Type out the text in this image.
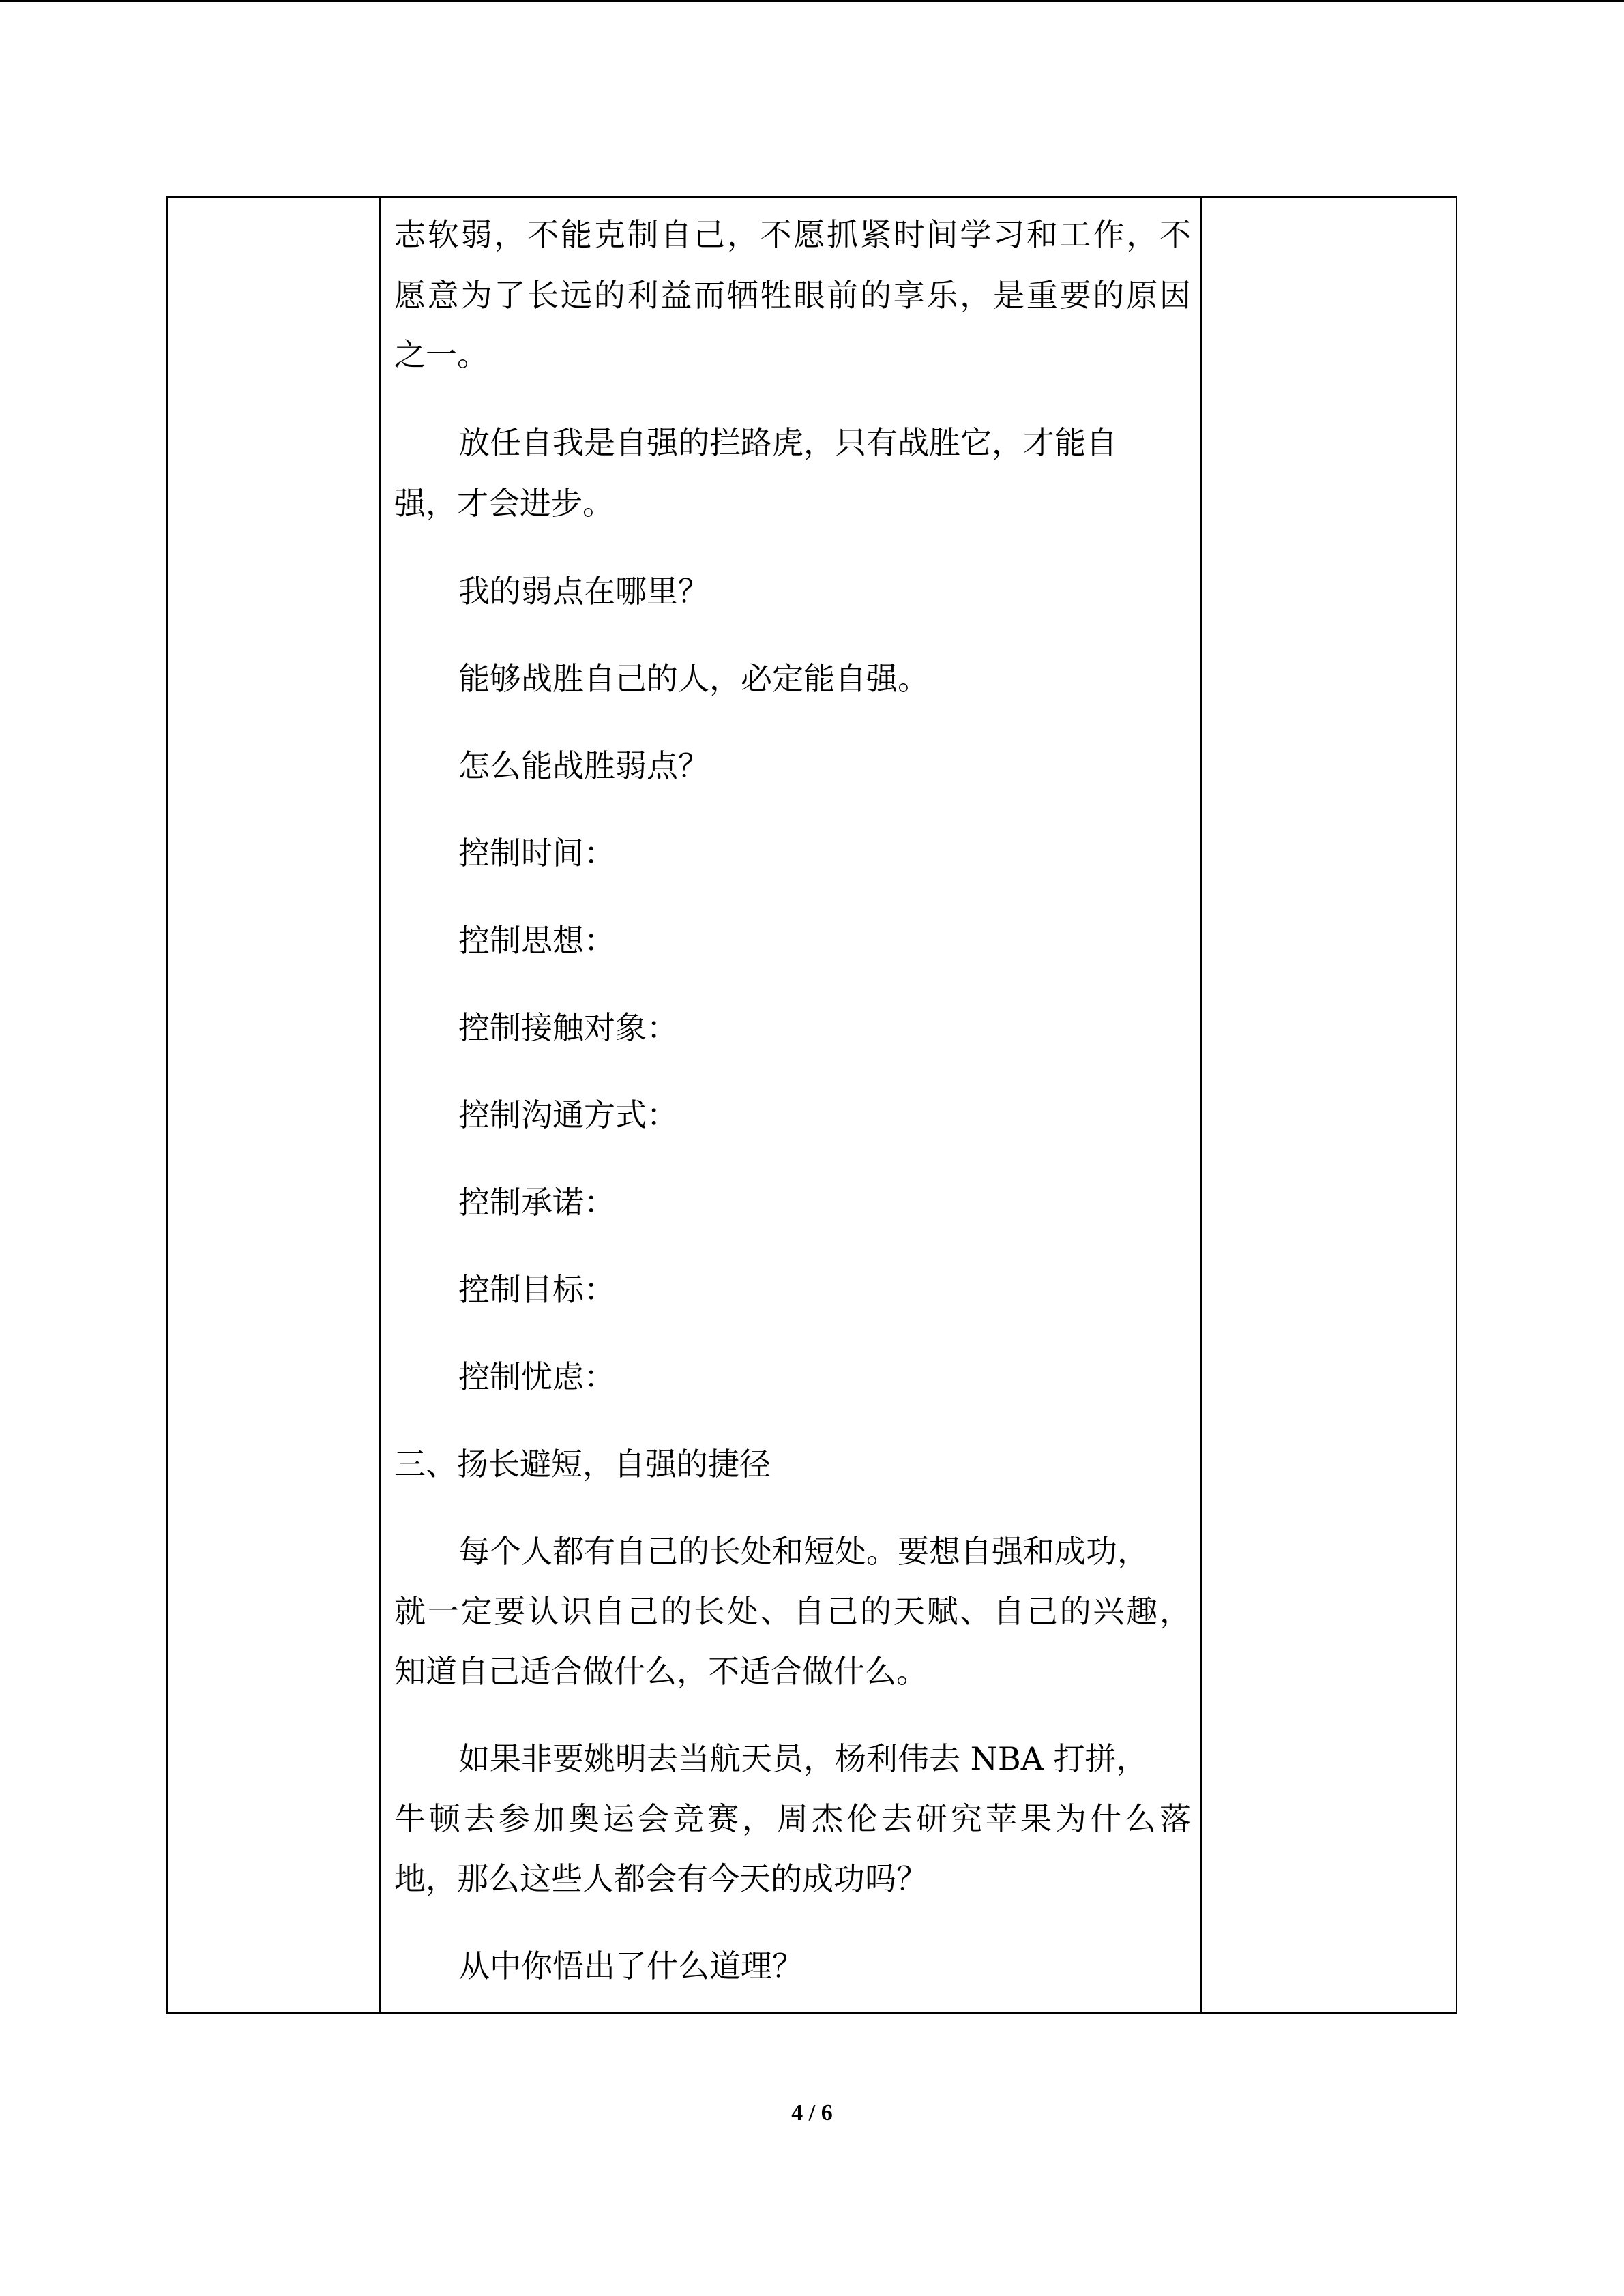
志软弱，不能克制自己，不愿抓紧时间学习和工作，不
愿意为了长远的利益而牺牲眼前的享乐，是重要的原因
之一。
放任自我是自强的拦路虎，只有战胜它，才能自
强，才会进步。
我的弱点在哪里？
能够战胜自己的人，必定能自强。
怎么能战胜弱点？
控制时间：
控制思想：
控制接触对象：
控制沟通方式：
控制承诺：
控制目标：
控制忧虑：
三、扬长避短，自强的捷径
每个人都有自己的长处和短处。要想自强和成功，
就一定要认识自己的长处、自己的天赋、自己的兴趣，
知道自己适合做什么，不适合做什么。
如果非要姚明去当航天员，杨利伟去 NBA 打拼，
牛顿去参加奥运会竞赛，周杰伦去研究苹果为什么落
地，那么这些人都会有今天的成功吗？
从中你悟出了什么道理？
4 / 6
